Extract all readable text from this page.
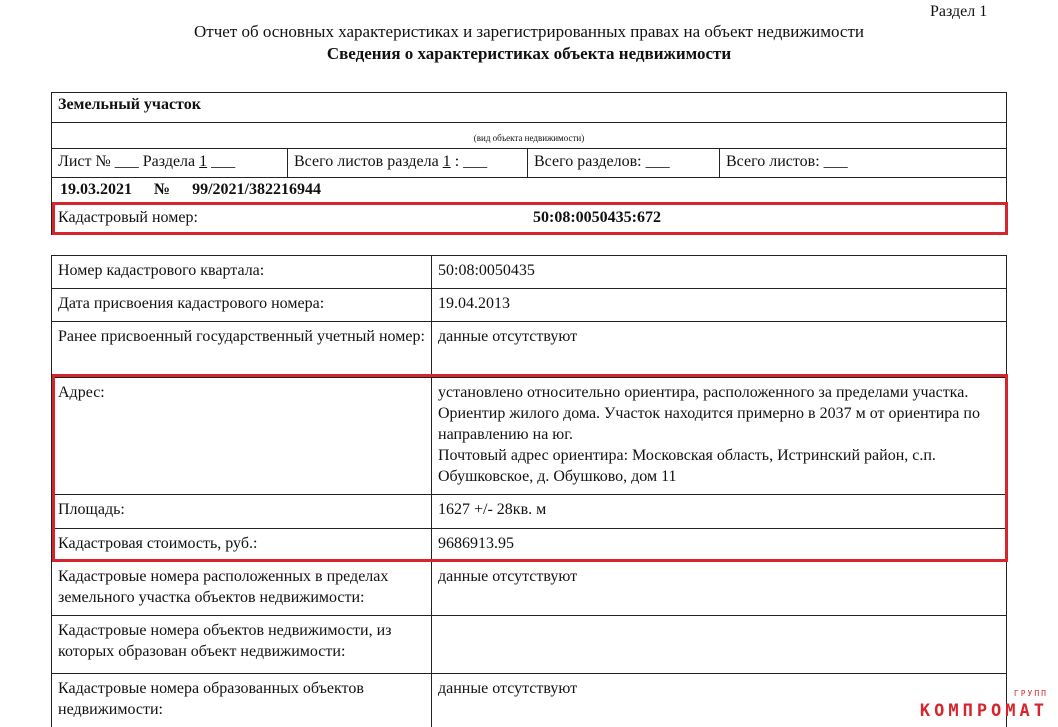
Раздел 1
Отчет об основных характеристиках и зарегистрированных правах на объект недвижимости
Сведения о характеристиках объекта недвижимости
Земельный участок
(вид объекта недвижимости)
Лист № ___ Раздела 1 ___	Всего листов раздела 1 : ___	Всего разделов: ___	Всего листов: ___
19.03.2021 № 99/2021/382216944
Кадастровый номер:	50:08:0050435:672
Номер кадастрового квартала:	50:08:0050435
Дата присвоения кадастрового номера:	19.04.2013
Ранее присвоенный государственный учетный номер: данные отсутствуют
Адрес:	установлено относительно ориентира, расположенного за пределами участка. Ориентир жилого дома. Участок находится примерно в 2037 м от ориентира по направлению на юг.
Почтовый адрес ориентира: Московская область, Истринский район, с.п. Обушковское, д. Обушково, дом 11
Площадь:	1627 +/- 28кв. м
Кадастровая стоимость, руб.:	9686913.95
Кадастровые номера расположенных в пределах земельного участка объектов недвижимости:
данные отсутствуют
Кадастровые номера объектов недвижимости, из которых образован объект недвижимости:
Кадастровые номера образованных объектов недвижимости:
данные отсутствуют	ГРУПП
КОМПРОМАТ
